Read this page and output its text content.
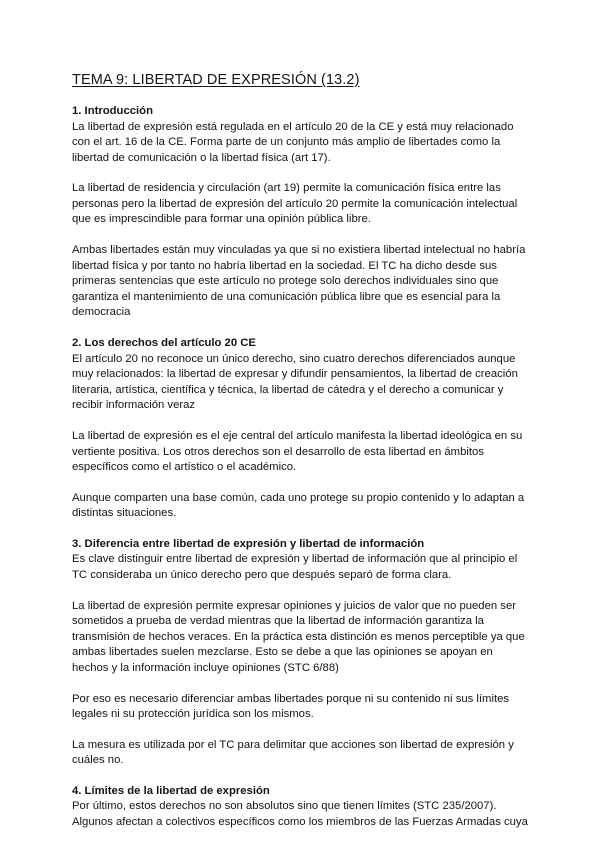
TEMA 9: LIBERTAD DE EXPRESIÓN (13.2)
1. Introducción

La libertad de expresión está regulada en el artículo 20 de la CE y está muy relacionado con el art. 16 de la CE. Forma parte de un conjunto más amplio de libertades como la libertad de comunicación o la libertad física (art 17).

La libertad de residencia y circulación (art 19) permite la comunicación física entre las personas pero la libertad de expresión del artículo 20 permite la comunicación intelectual que es imprescindible para formar una opinión pública libre.

Ambas libertades están muy vinculadas ya que si no existiera libertad intelectual no habría libertad física y por tanto no habría libertad en la sociedad. El TC ha dicho desde sus primeras sentencias que este artículo no protege solo derechos individuales sino que garantiza el mantenimiento de una comunicación pública libre que es esencial para la democracia

2. Los derechos del artículo 20 CE

El artículo 20 no reconoce un único derecho, sino cuatro derechos diferenciados aunque muy relacionados: la libertad de expresar y difundir pensamientos, la libertad de creación literaria, artística, científica y técnica, la libertad de cátedra y el derecho a comunicar y recibir información veraz

La libertad de expresión es el eje central del artículo manifesta la libertad ideológica en su vertiente positiva. Los otros derechos son el desarrollo de esta libertad en ámbitos específicos como el artístico o el académico.

Aunque comparten una base común, cada uno protege su propio contenido y lo adaptan a distintas situaciones.

3. Diferencia entre libertad de expresión y libertad de información

Es clave distinguir entre libertad de expresión y libertad de información que al principio el TC consideraba un único derecho pero que después separó de forma clara.

La libertad de expresión permite expresar opiniones y juicios de valor que no pueden ser sometidos a prueba de verdad mientras que la libertad de información garantiza la transmisión de hechos veraces. En la práctica esta distinción es menos perceptible ya que ambas libertades suelen mezclarse. Esto se debe a que las opiniones se apoyan en hechos y la información incluye opiniones (STC 6/88)

Por eso es necesario diferenciar ambas libertades porque ni su contenido ni sus límites legales ni su protección jurídica son los mismos.

La mesura es utilizada por el TC para delimitar que acciones son libertad de expresión y cuáles no.

4. Límites de la libertad de expresión

Por último, estos derechos no son absolutos sino que tienen límites (STC 235/2007). Algunos afectan a colectivos específicos como los miembros de las Fuerzas Armadas cuya
